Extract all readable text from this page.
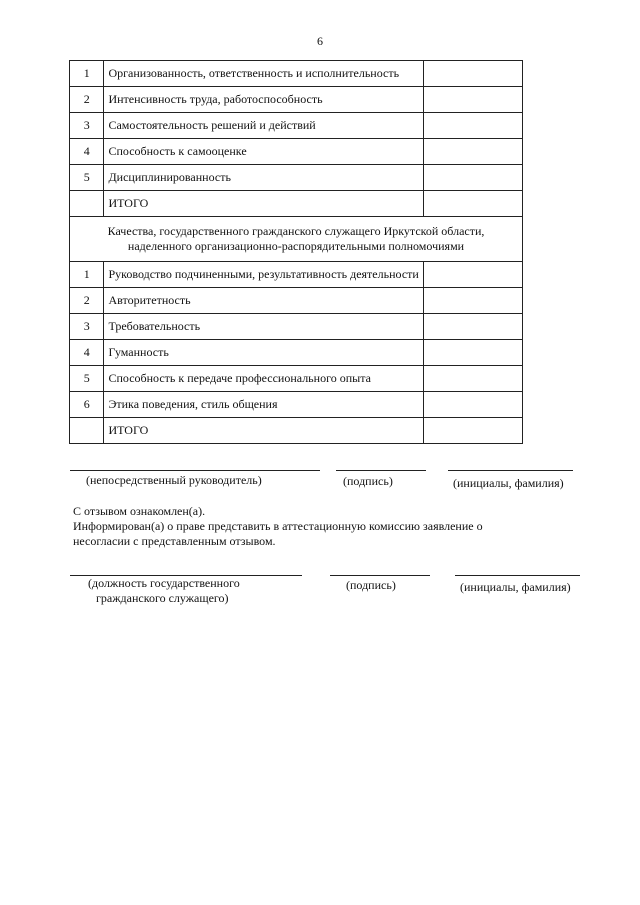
6
1	Организованность, ответственность и исполнительность	
2	Интенсивность труда, работоспособность	
3	Самостоятельность решений и действий	
4	Способность к самооценке	
5	Дисциплинированность	
	ИТОГО	
Качества, государственного гражданского служащего Иркутской области, наделенного организационно-распорядительными полномочиями		
1	Руководство подчиненными, результативность деятельности	
2	Авторитетность	
3	Требовательность	
4	Гуманность	
5	Способность к передаче профессионального опыта	
6	Этика поведения, стиль общения	
	ИТОГО	
(непосредственный руководитель)	(подпись)	(инициалы, фамилия)
С отзывом ознакомлен(а).
Информирован(а) о праве представить в аттестационную комиссию заявление о
несогласии с представленным отзывом.
(должность государственного
гражданского служащего)
(подпись)	(инициалы, фамилия)
